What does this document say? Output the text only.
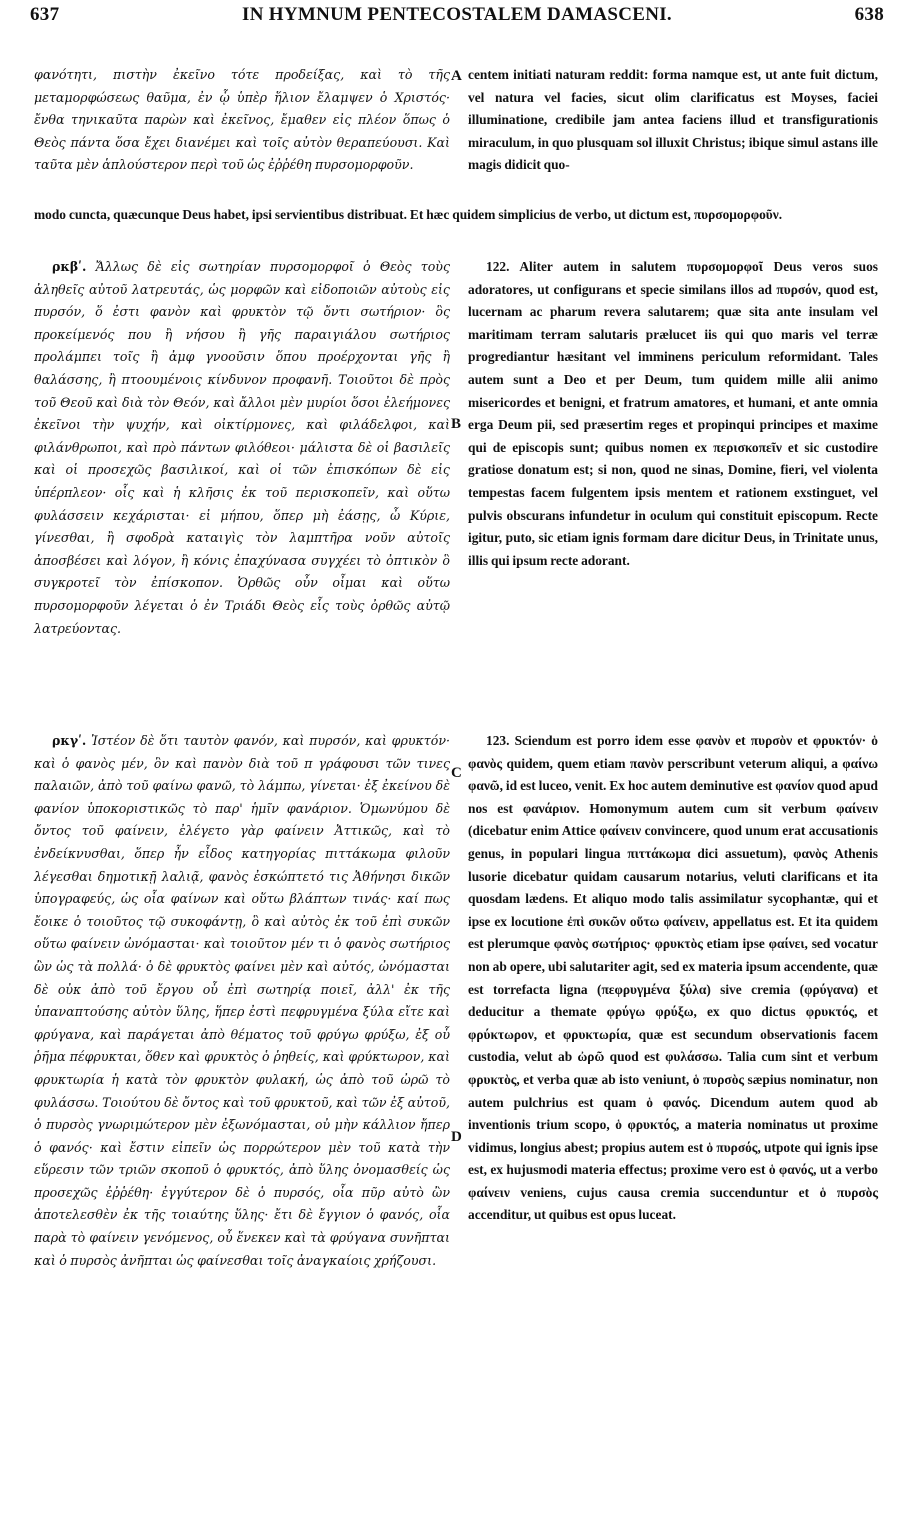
637	IN HYMNUM PENTECOSTALEM DAMASCENI.	638
A
B
C
D

φανότητι, πιστὴν ἐκεῖνο τότε προδείξας, καὶ τὸ τῆς μεταμορφώσεως θαῦμα, ἐν ᾧ ὑπὲρ ἥλιον ἔλαμψεν ὁ Χριστός· ἔνθα τηνικαῦτα παρὼν καὶ ἐκεῖνος, ἔμαθεν εἰς πλέον ὅπως ὁ Θεὸς πάντα ὅσα ἔχει διανέμει καὶ τοῖς αὐτὸν θεραπεύουσι. Καὶ ταῦτα μὲν ἁπλούστερον περὶ τοῦ ὡς ἐῤῥέθη πυρσομορφοῦν.

centem initiati naturam reddit: forma namque est, ut ante fuit dictum, vel natura vel facies, sicut olim clarificatus est Moyses, faciei illuminatione, credibile jam antea faciens illud et transfigurationis miraculum, in quo plusquam sol illuxit Christus; ibique simul astans ille magis didicit quo-

modo cuncta, quæcunque Deus habet, ipsi servientibus distribuat. Et hæc quidem simplicius de verbo, ut dictum est, πυρσομορφοῦν.

ρκβʹ. Ἄλλως δὲ εἰς σωτηρίαν πυρσομορφοῖ ὁ Θεὸς τοὺς ἀληθεῖς αὐτοῦ λατρευτάς, ὡς μορφῶν καὶ εἰδοποιῶν αὐτοὺς εἰς πυρσόν, ὅ ἐστι φανὸν καὶ φρυκτὸν τῷ ὄντι σωτήριον· ὃς προκείμενός που ἢ νήσου ἢ γῆς παραιγιάλου σωτήριος προλάμπει τοῖς ἢ ἀμφ γνοοῦσιν ὅπου προέρχονται γῆς ἢ θαλάσσης, ἢ πτοουμένοις κίνδυνον προφανῆ. Τοιοῦτοι δὲ πρὸς τοῦ Θεοῦ καὶ διὰ τὸν Θεόν, καὶ ἄλλοι μὲν μυρίοι ὅσοι ἐλεήμονες ἐκεῖνοι τὴν ψυχήν, καὶ οἰκτίρμονες, καὶ φιλάδελφοι, καὶ φιλάνθρωποι, καὶ πρὸ πάντων φιλόθεοι· μάλιστα δὲ οἱ βασιλεῖς καὶ οἱ προσεχῶς βασιλικοί, καὶ οἱ τῶν ἐπισκόπων δὲ εἰς ὑπέρπλεον· οἷς καὶ ἡ κλῆσις ἐκ τοῦ περισκοπεῖν, καὶ οὕτω φυλάσσειν κεχάρισται· εἰ μήπου, ὅπερ μὴ ἐάσῃς, ὦ Κύριε, γίνεσθαι, ἢ σφοδρὰ καταιγὶς τὸν λαμπτῆρα νοῦν αὐτοῖς ἀποσβέσει καὶ λόγον, ἢ κόνις ἐπαχύνασα συγχέει τὸ ὀπτικὸν ὃ συγκροτεῖ τὸν ἐπίσκοπον. Ὀρθῶς οὖν οἶμαι καὶ οὕτω πυρσομορφοῦν λέγεται ὁ ἐν Τριάδι Θεὸς εἷς τοὺς ὀρθῶς αὐτῷ λατρεύοντας.

122. Aliter autem in salutem πυρσομορφοῖ Deus veros suos adoratores, ut configurans et specie similans illos ad πυρσόν, quod est, lucernam ac pharum revera salutarem; quæ sita ante insulam vel maritimam terram salutaris prælucet iis qui quo maris vel terræ progrediantur hæsitant vel imminens periculum reformidant. Tales autem sunt a Deo et per Deum, tum quidem mille alii animo misericordes et benigni, et fratrum amatores, et humani, et ante omnia erga Deum pii, sed præsertim reges et propinqui principes et maxime qui de episcopis sunt; quibus nomen ex περισκοπεῖν et sic custodire gratiose donatum est; si non, quod ne sinas, Domine, fieri, vel violenta tempestas facem fulgentem ipsis mentem et rationem exstinguet, vel pulvis obscurans infundetur in oculum qui constituit episcopum. Recte igitur, puto, sic etiam ignis formam dare dicitur Deus, in Trinitate unus, illis qui ipsum recte adorant.

ρκγʹ. Ἰστέον δὲ ὅτι ταυτὸν φανόν, καὶ πυρσόν, καὶ φρυκτόν· καὶ ὁ φανὸς μέν, ὃν καὶ πανὸν διὰ τοῦ π γράφουσι τῶν τινες παλαιῶν, ἀπὸ τοῦ φαίνω φανῶ, τὸ λάμπω, γίνεται· ἐξ ἐκείνου δὲ φανίον ὑποκοριστικῶς τὸ παρ' ἡμῖν φανάριον. Ὁμωνύμου δὲ ὄντος τοῦ φαίνειν, ἐλέγετο γὰρ φαίνειν Ἀττικῶς, καὶ τὸ ἐνδείκνυσθαι, ὅπερ ἦν εἶδος κατηγορίας πιττάκωμα φιλοῦν λέγεσθαι δημοτικῇ λαλιᾷ, φανὸς ἐσκώπτετό τις Ἀθήνησι δικῶν ὑπογραφεύς, ὡς οἷα φαίνων καὶ οὕτω βλάπτων τινάς· καί πως ἔοικε ὁ τοιοῦτος τῷ συκοφάντῃ, ὃ καὶ αὐτὸς ἐκ τοῦ ἐπὶ συκῶν οὕτω φαίνειν ὠνόμασται· καὶ τοιοῦτον μέν τι ὁ φανὸς σωτήριος ὢν ὡς τὰ πολλά· ὁ δὲ φρυκτὸς φαίνει μὲν καὶ αὐτός, ὠνόμασται δὲ οὐκ ἀπὸ τοῦ ἔργου οὗ ἐπὶ σωτηρίᾳ ποιεῖ, ἀλλ' ἐκ τῆς ὑπαναπτούσης αὐτὸν ὕλης, ἥπερ ἐστὶ πεφρυγμένα ξύλα εἴτε καὶ φρύγανα, καὶ παράγεται ἀπὸ θέματος τοῦ φρύγω φρύξω, ἐξ οὗ ῥῆμα πέφρυκται, ὅθεν καὶ φρυκτὸς ὁ ῥηθείς, καὶ φρύκτωρον, καὶ φρυκτωρία ἡ κατὰ τὸν φρυκτὸν φυλακή, ὡς ἀπὸ τοῦ ὠρῶ τὸ φυλάσσω. Τοιούτου δὲ ὄντος καὶ τοῦ φρυκτοῦ, καὶ τῶν ἐξ αὐτοῦ, ὁ πυρσὸς γνωριμώτερον μὲν ἐξωνόμασται, οὐ μὴν κάλλιον ἤπερ ὁ φανός· καὶ ἔστιν εἰπεῖν ὡς πορρώτερον μὲν τοῦ κατὰ τὴν εὕρεσιν τῶν τριῶν σκοποῦ ὁ φρυκτός, ἀπὸ ὕλης ὀνομασθείς ὡς προσεχῶς ἐῤῥέθη· ἐγγύτερον δὲ ὁ πυρσός, οἷα πῦρ αὐτὸ ὢν ἀποτελεσθὲν ἐκ τῆς τοιαύτης ὕλης· ἔτι δὲ ἔγγιον ὁ φανός, οἷα παρὰ τὸ φαίνειν γενόμενος, οὗ ἕνεκεν καὶ τὰ φρύγανα συνῆπται καὶ ὁ πυρσὸς ἀνῆπται ὡς φαίνεσθαι τοῖς ἀναγκαίοις χρήζουσι.

123. Sciendum est porro idem esse φανὸν et πυρσὸν et φρυκτόν· ὁ φανὸς quidem, quem etiam πανὸν perscribunt veterum aliqui, a φαίνω φανῶ, id est luceo, venit. Ex hoc autem deminutive est φανίον quod apud nos est φανάριον. Homonymum autem cum sit verbum φαίνειν (dicebatur enim Attice φαίνειν convincere, quod unum erat accusationis genus, in populari lingua πιττάκωμα dici assuetum), φανὸς Athenis lusorie dicebatur quidam causarum notarius, veluti clarificans et ita quosdam lædens. Et aliquo modo talis assimilatur sycophantæ, qui et ipse ex locutione ἐπὶ συκῶν οὕτω φαίνειν, appellatus est. Et ita quidem est plerumque φανὸς σωτήριος· φρυκτὸς etiam ipse φαίνει, sed vocatur non ab opere, ubi salutariter agit, sed ex materia ipsum accendente, quæ est torrefacta ligna (πεφρυγμένα ξύλα) sive cremia (φρύγανα) et deducitur a themate φρύγω φρύξω, ex quo dictus φρυκτός, et φρύκτωρον, et φρυκτωρία, quæ est secundum observationis facem custodia, velut ab ὠρῶ quod est φυλάσσω. Talia cum sint et verbum φρυκτὸς, et verba quæ ab isto veniunt, ὁ πυρσὸς sæpius nominatur, non autem pulchrius est quam ὁ φανός. Dicendum autem quod ab inventionis trium scopo, ὁ φρυκτός, a materia nominatus ut proxime vidimus, longius abest; propius autem est ὁ πυρσός, utpote qui ignis ipse est, ex hujusmodi materia effectus; proxime vero est ὁ φανός, ut a verbo φαίνειν veniens, cujus causa cremia succenduntur et ὁ πυρσὸς accenditur, ut quibus est opus luceat.
